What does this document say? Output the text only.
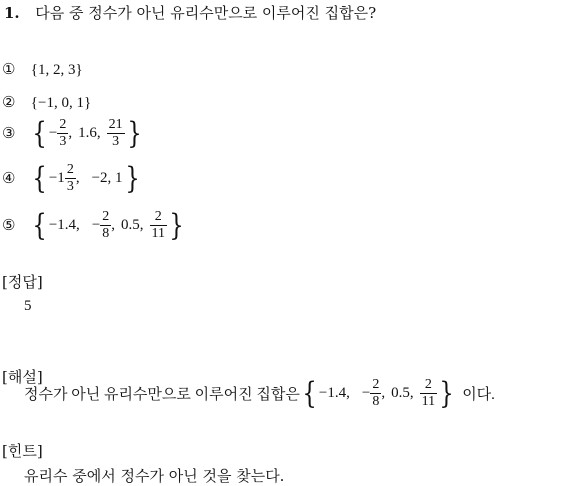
1. 다음 중 정수가 아닌 유리수만으로 이루어진 집합은?
① {1, 2, 3}
② {−1, 0, 1}
③ { − $\frac{2}{3}$ , 1.6, $\frac{21}{3}$ }
④ { $-1 \frac{2}{3}$ , −2, 1}
⑤ { −1.4, − $\frac{2}{8}$ , 0.5, $\frac{2}{11}$ }
[정답]
5
[해설]
정수가 아닌 유리수만으로 이루어진 집합은{ −1.4, − $\frac{2}{8}$ , 0.5, $\frac{2}{11}$ } 이다.
[힌트]
유리수 중에서 정수가 아닌 것을 찾는다.
